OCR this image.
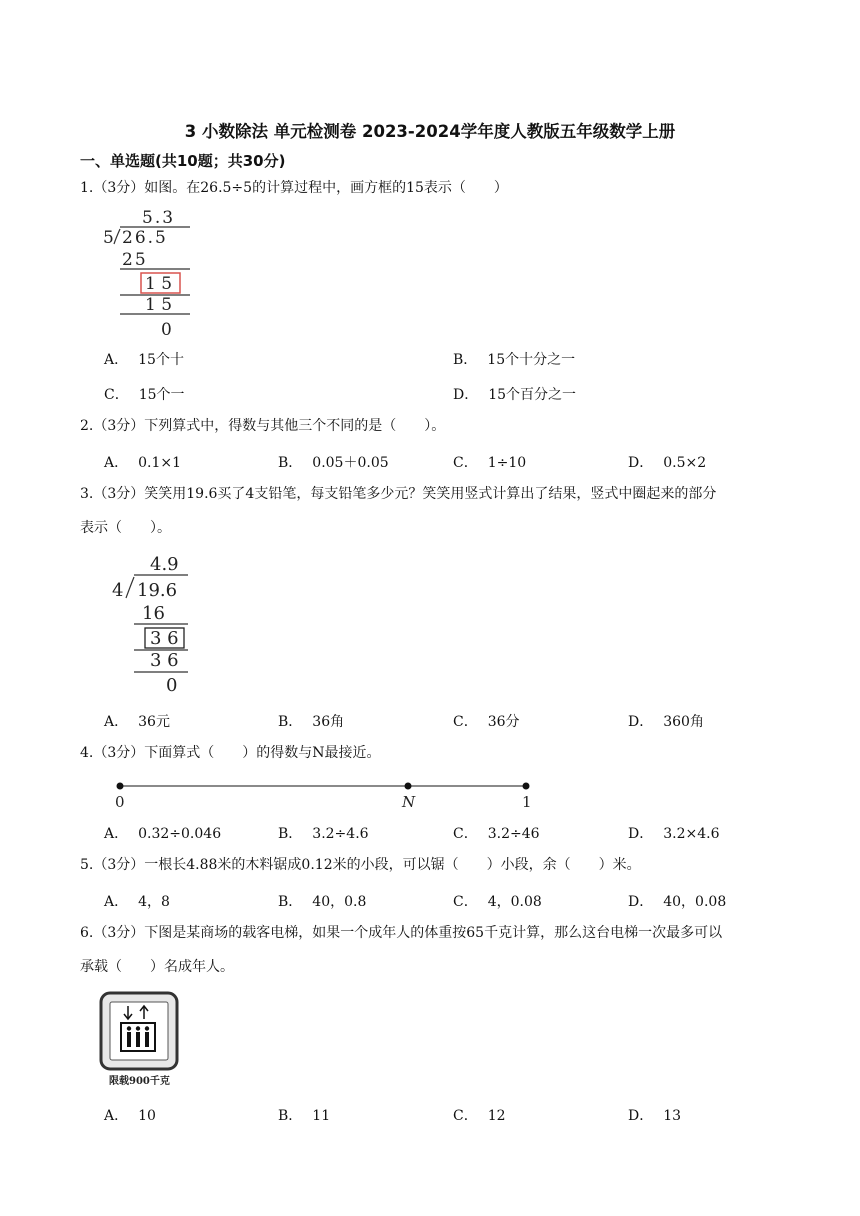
3 小数除法 单元检测卷 2023-2024学年度人教版五年级数学上册
一、单选题(共10题；共30分)
1.（3分）如图。在26.5÷5的计算过程中，画方框的15表示（　　）
5.3
5 26.5
25
1 5
1 5
0
A． 15个十	B． 15个十分之一
C． 15个一	D． 15个百分之一
2.（3分）下列算式中，得数与其他三个不同的是（　　）。
A． 0.1×1	B． 0.05＋0.05	C． 1÷10	D． 0.5×2
3.（3分）笑笑用19.6买了4支铅笔，每支铅笔多少元？笑笑用竖式计算出了结果，竖式中圈起来的部分
表示（　　）。
4.9
4 19.6
16
3 6
3 6
0
A． 36元	B． 36角	C． 36分	D． 360角
4.（3分）下面算式（　　）的得数与N最接近。
0	N	1
A． 0.32÷0.046	B． 3.2÷4.6	C． 3.2÷46	D． 3.2×4.6
5.（3分）一根长4.88米的木料锯成0.12米的小段，可以锯（　　）小段，余（　　）米。
A． 4，8	B． 40，0.8	C． 4，0.08	D． 40，0.08
6.（3分）下图是某商场的载客电梯，如果一个成年人的体重按65千克计算，那么这台电梯一次最多可以
承载（　　）名成年人。
限载900千克
A． 10	B． 11	C． 12	D． 13
